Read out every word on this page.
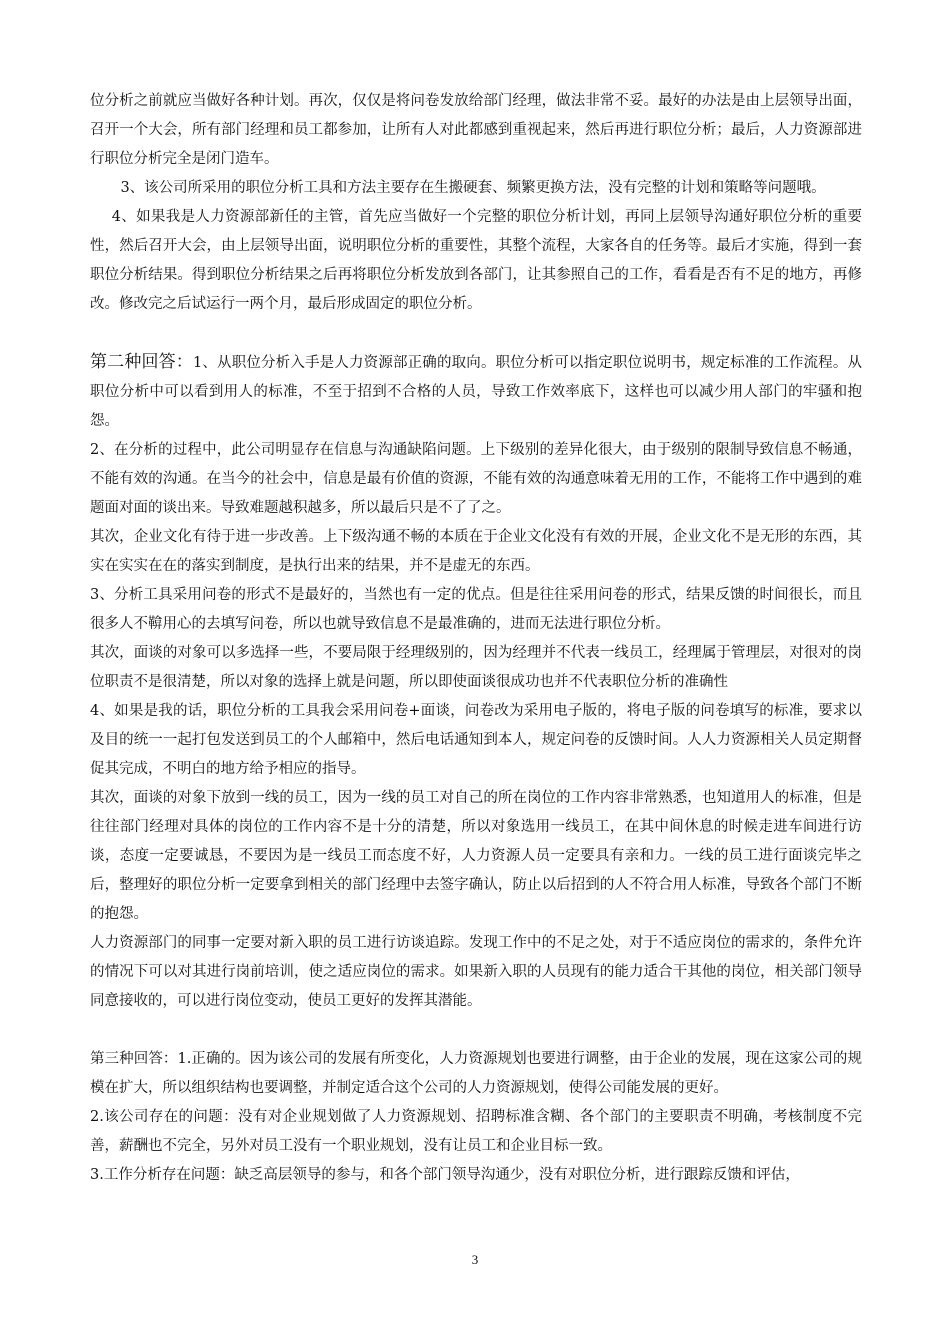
位分析之前就应当做好各种计划。再次，仅仅是将问卷发放给部门经理，做法非常不妥。最好的办法是由上层领导出面，召开一个大会，所有部门经理和员工都参加，让所有人对此都感到重视起来，然后再进行职位分析；最后，人力资源部进行职位分析完全是闭门造车。

3、该公司所采用的职位分析工具和方法主要存在生搬硬套、频繁更换方法，没有完整的计划和策略等问题哦。

4、如果我是人力资源部新任的主管，首先应当做好一个完整的职位分析计划，再同上层领导沟通好职位分析的重要性，然后召开大会，由上层领导出面，说明职位分析的重要性，其整个流程，大家各自的任务等。最后才实施，得到一套职位分析结果。得到职位分析结果之后再将职位分析发放到各部门，让其参照自己的工作，看看是否有不足的地方，再修改。修改完之后试运行一两个月，最后形成固定的职位分析。

第二种回答：1、从职位分析入手是人力资源部正确的取向。职位分析可以指定职位说明书，规定标准的工作流程。从职位分析中可以看到用人的标准，不至于招到不合格的人员，导致工作效率底下，这样也可以减少用人部门的牢骚和抱怨。

2、在分析的过程中，此公司明显存在信息与沟通缺陷问题。上下级别的差异化很大，由于级别的限制导致信息不畅通，不能有效的沟通。在当今的社会中，信息是最有价值的资源，不能有效的沟通意味着无用的工作，不能将工作中遇到的难题面对面的谈出来。导致难题越积越多，所以最后只是不了了之。

其次，企业文化有待于进一步改善。上下级沟通不畅的本质在于企业文化没有有效的开展，企业文化不是无形的东西，其实在实实在在的落实到制度，是执行出来的结果，并不是虚无的东西。

3、分析工具采用问卷的形式不是最好的，当然也有一定的优点。但是往往采用问卷的形式，结果反馈的时间很长，而且很多人不鞥用心的去填写问卷，所以也就导致信息不是最准确的，进而无法进行职位分析。

其次，面谈的对象可以多选择一些，不要局限于经理级别的，因为经理并不代表一线员工，经理属于管理层，对很对的岗位职责不是很清楚，所以对象的选择上就是问题，所以即使面谈很成功也并不代表职位分析的准确性

4、如果是我的话，职位分析的工具我会采用问卷+面谈，问卷改为采用电子版的，将电子版的问卷填写的标准，要求以及目的统一一起打包发送到员工的个人邮箱中，然后电话通知到本人，规定问卷的反馈时间。人人力资源相关人员定期督促其完成，不明白的地方给予相应的指导。

其次，面谈的对象下放到一线的员工，因为一线的员工对自己的所在岗位的工作内容非常熟悉，也知道用人的标准，但是往往部门经理对具体的岗位的工作内容不是十分的清楚，所以对象选用一线员工，在其中间休息的时候走进车间进行访谈，态度一定要诚恳，不要因为是一线员工而态度不好，人力资源人员一定要具有亲和力。一线的员工进行面谈完毕之后，整理好的职位分析一定要拿到相关的部门经理中去签字确认，防止以后招到的人不符合用人标准，导致各个部门不断的抱怨。

人力资源部门的同事一定要对新入职的员工进行访谈追踪。发现工作中的不足之处，对于不适应岗位的需求的，条件允许的情况下可以对其进行岗前培训，使之适应岗位的需求。如果新入职的人员现有的能力适合干其他的岗位，相关部门领导同意接收的，可以进行岗位变动，使员工更好的发挥其潜能。

第三种回答：1.正确的。因为该公司的发展有所变化，人力资源规划也要进行调整，由于企业的发展，现在这家公司的规模在扩大，所以组织结构也要调整，并制定适合这个公司的人力资源规划，使得公司能发展的更好。

2.该公司存在的问题：没有对企业规划做了人力资源规划、招聘标准含糊、各个部门的主要职责不明确，考核制度不完善，薪酬也不完全，另外对员工没有一个职业规划，没有让员工和企业目标一致。

3.工作分析存在问题：缺乏高层领导的参与，和各个部门领导沟通少，没有对职位分析，进行跟踪反馈和评估，

3
